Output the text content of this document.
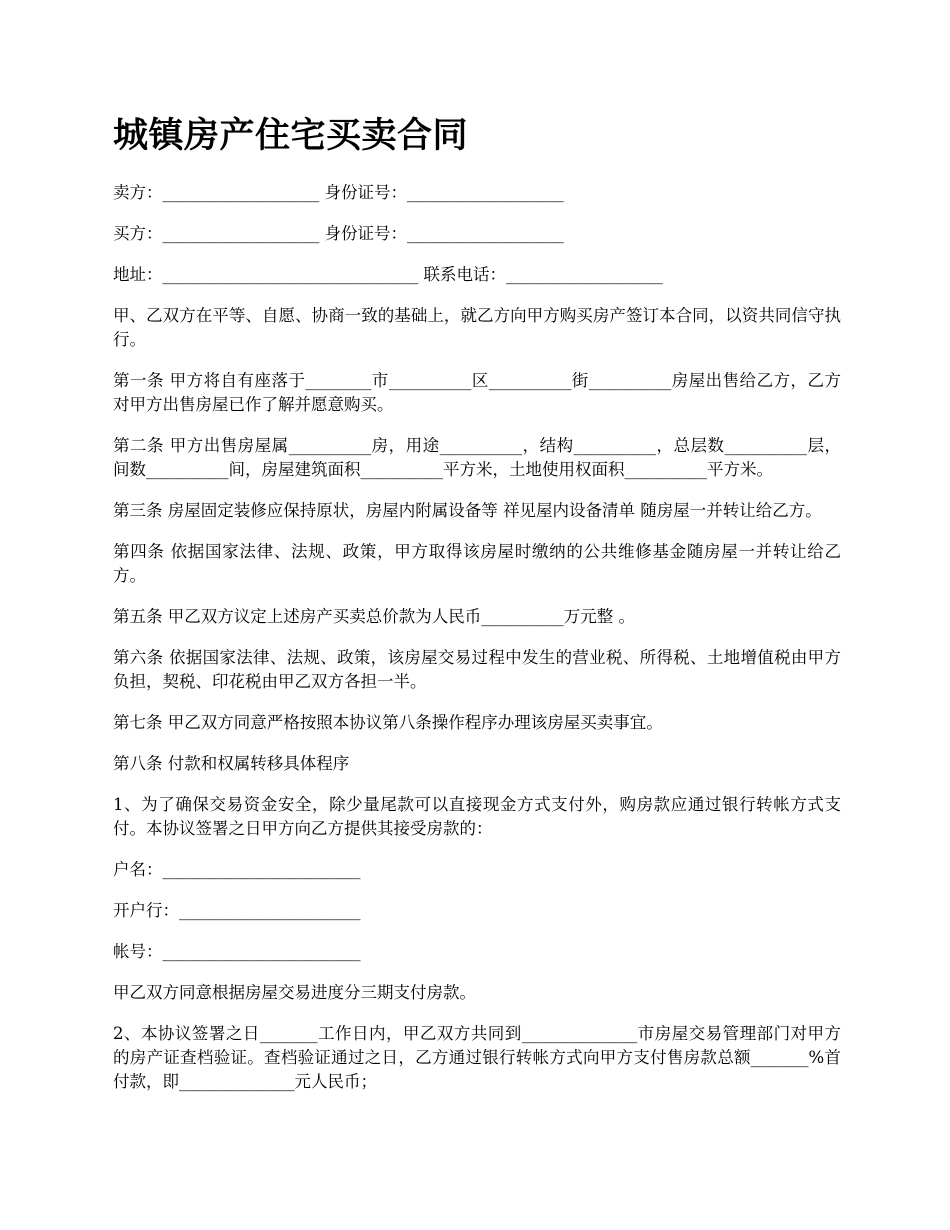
城镇房产住宅买卖合同

卖方：___________________ 身份证号：___________________

买方：___________________ 身份证号：___________________

地址：_______________________________ 联系电话：___________________

甲、乙双方在平等、自愿、协商一致的基础上，就乙方向甲方购买房产签订本合同，以资共同信守执行。

第一条 甲方将自有座落于________市__________区__________街__________房屋出售给乙方，乙方对甲方出售房屋已作了解并愿意购买。

第二条 甲方出售房屋属__________房，用途__________，结构__________，总层数__________层，间数__________间，房屋建筑面积__________平方米，土地使用权面积__________平方米。

第三条 房屋固定装修应保持原状，房屋内附属设备等 祥见屋内设备清单 随房屋一并转让给乙方。

第四条 依据国家法律、法规、政策，甲方取得该房屋时缴纳的公共维修基金随房屋一并转让给乙方。

第五条 甲乙双方议定上述房产买卖总价款为人民币__________万元整 。

第六条 依据国家法律、法规、政策，该房屋交易过程中发生的营业税、所得税、土地增值税由甲方负担，契税、印花税由甲乙双方各担一半。

第七条 甲乙双方同意严格按照本协议第八条操作程序办理该房屋买卖事宜。

第八条 付款和权属转移具体程序

1、为了确保交易资金安全，除少量尾款可以直接现金方式支付外，购房款应通过银行转帐方式支付。本协议签署之日甲方向乙方提供其接受房款的：

户名：________________________

开户行：______________________

帐号：________________________

甲乙双方同意根据房屋交易进度分三期支付房款。

2、本协议签署之日_______工作日内，甲乙双方共同到______________市房屋交易管理部门对甲方的房产证查档验证。查档验证通过之日，乙方通过银行转帐方式向甲方支付售房款总额_______%首付款，即______________元人民币；
